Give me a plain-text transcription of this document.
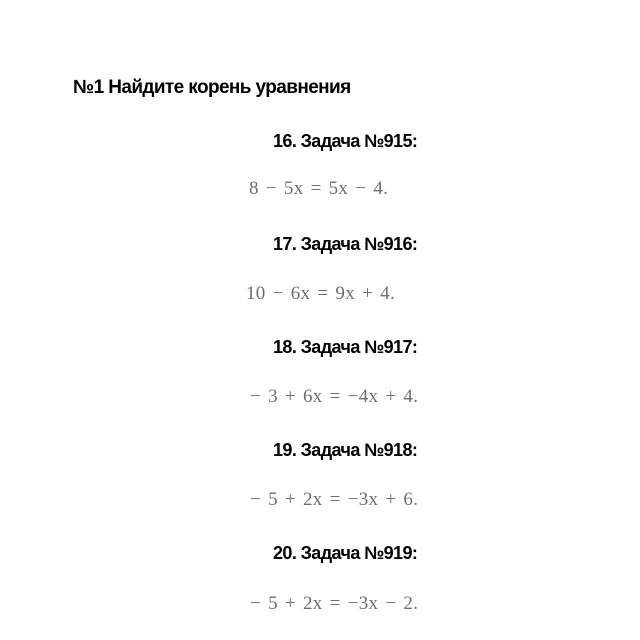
№1 Найдите корень уравнения
16. Задача №915:
8 − 5x = 5x − 4.
17. Задача №916:
10 − 6x = 9x + 4.
18. Задача №917:
− 3 + 6x = −4x + 4.
19. Задача №918:
− 5 + 2x = −3x + 6.
20. Задача №919:
− 5 + 2x = −3x − 2.
